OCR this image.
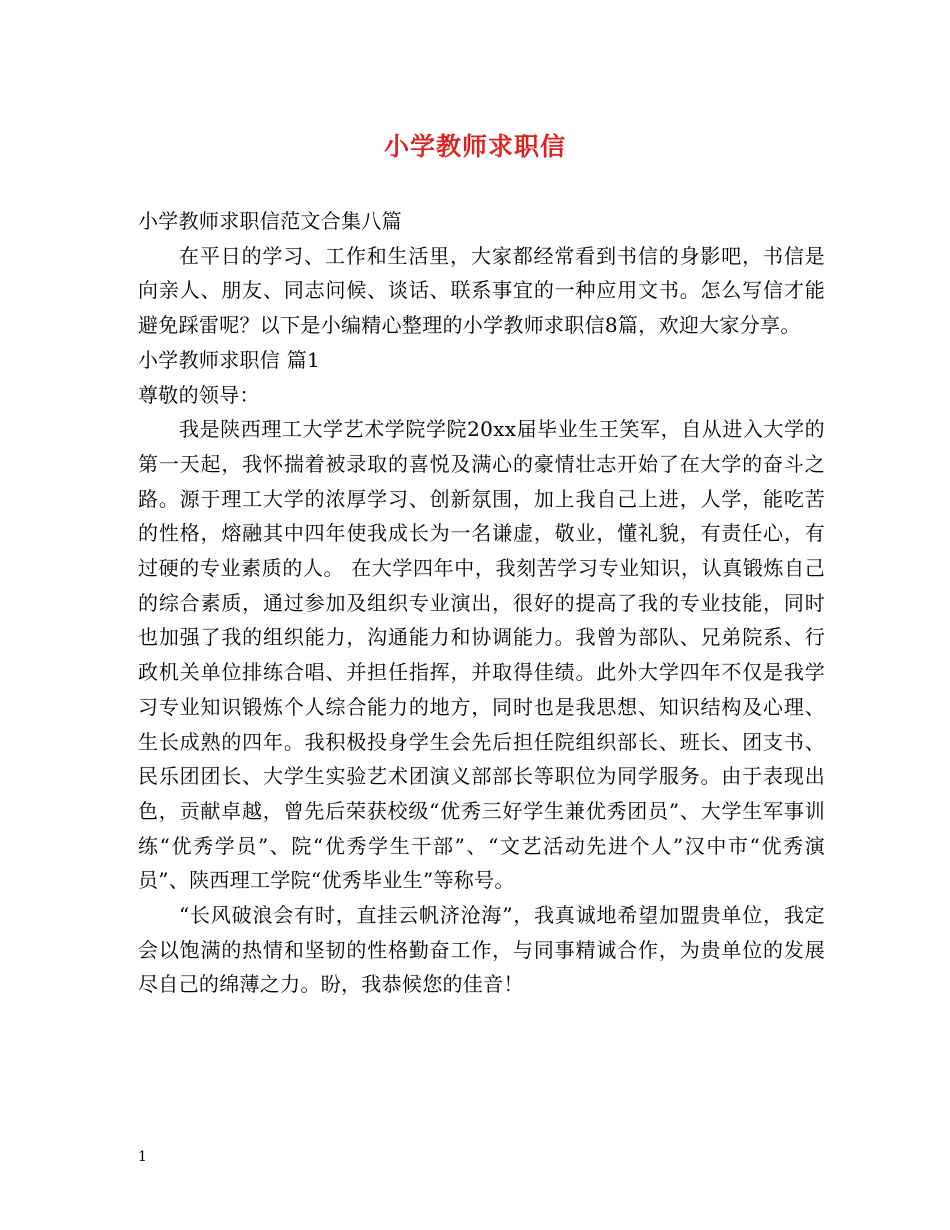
小学教师求职信

小学教师求职信范文合集八篇

在平日的学习、工作和生活里，大家都经常看到书信的身影吧，书信是向亲人、朋友、同志问候、谈话、联系事宜的一种应用文书。怎么写信才能避免踩雷呢？以下是小编精心整理的小学教师求职信8篇，欢迎大家分享。

小学教师求职信 篇1

尊敬的领导：

我是陕西理工大学艺术学院学院20xx届毕业生王笑军，自从进入大学的第一天起，我怀揣着被录取的喜悦及满心的豪情壮志开始了在大学的奋斗之路。源于理工大学的浓厚学习、创新氛围，加上我自己上进，人学，能吃苦的性格，熔融其中四年使我成长为一名谦虚，敬业，懂礼貌，有责任心，有过硬的专业素质的人。 在大学四年中，我刻苦学习专业知识，认真锻炼自己的综合素质，通过参加及组织专业演出，很好的提高了我的专业技能，同时也加强了我的组织能力，沟通能力和协调能力。我曾为部队、兄弟院系、行政机关单位排练合唱、并担任指挥，并取得佳绩。此外大学四年不仅是我学习专业知识锻炼个人综合能力的地方，同时也是我思想、知识结构及心理、生长成熟的四年。我积极投身学生会先后担任院组织部长、班长、团支书、民乐团团长、大学生实验艺术团演义部部长等职位为同学服务。由于表现出色，贡献卓越，曾先后荣获校级“优秀三好学生兼优秀团员”、大学生军事训练“优秀学员”、院“优秀学生干部”、“文艺活动先进个人”汉中市“优秀演员”、陕西理工学院“优秀毕业生”等称号。

“长风破浪会有时，直挂云帆济沧海”，我真诚地希望加盟贵单位，我定会以饱满的热情和坚韧的性格勤奋工作，与同事精诚合作，为贵单位的发展尽自己的绵薄之力。盼，我恭候您的佳音！

1
